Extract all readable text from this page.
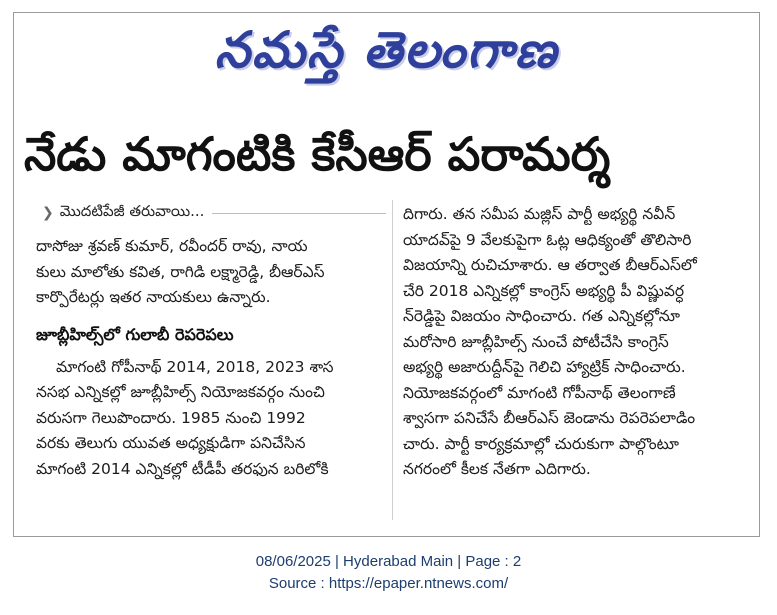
నమస్తే తెలంగాణ
నేడు మాగంటికి కేసీఆర్ పరామర్శ
❯ మొదటిపేజీ తరువాయి...

దాసోజు శ్రవణ్ కుమార్, రవీందర్ రావు, నాయ
కులు మాలోతు కవిత, రాగిడి లక్ష్మారెడ్డి, బీఆర్ఎస్
కార్పొరేటర్లు ఇతర నాయకులు ఉన్నారు.

జూబ్లీహిల్స్‌లో గులాబీ రెపరెపలు

మాగంటి గోపీనాథ్ 2014, 2018, 2023 శాస
నసభ ఎన్నికల్లో జూబ్లీహిల్స్ నియోజకవర్గం నుంచి
వరుసగా గెలుపొందారు. 1985 నుంచి 1992
వరకు తెలుగు యువత అధ్యక్షుడిగా పనిచేసిన
మాగంటి 2014 ఎన్నికల్లో టీడీపీ తరఫున బరిలోకి

దిగారు. తన సమీప మజ్లిస్ పార్టీ అభ్యర్థి నవీన్
యాదవ్‌పై 9 వేలకుపైగా ఓట్ల ఆధిక్యంతో తొలిసారి
విజయాన్ని రుచిచూశారు. ఆ తర్వాత బీఆర్ఎస్‌లో
చేరి 2018 ఎన్నికల్లో కాంగ్రెస్ అభ్యర్థి పీ విష్ణువర్ధ
న్‌రెడ్డిపై విజయం సాధించారు. గత ఎన్నికల్లోనూ
మరోసారి జూబ్లీహిల్స్ నుంచే పోటీచేసి కాంగ్రెస్
అభ్యర్థి అజారుద్దీన్‌పై గెలిచి హ్యాట్రిక్ సాధించారు.
నియోజకవర్గంలో మాగంటి గోపీనాథ్ తెలంగాణే
శ్వాసగా పనిచేసే బీఆర్ఎస్ జెండాను రెపరెపలాడిం
చారు. పార్టీ కార్యక్రమాల్లో చురుకుగా పాల్గొంటూ
నగరంలో కీలక నేతగా ఎదిగారు.

08/06/2025 | Hyderabad Main | Page : 2
Source : https://epaper.ntnews.com/
